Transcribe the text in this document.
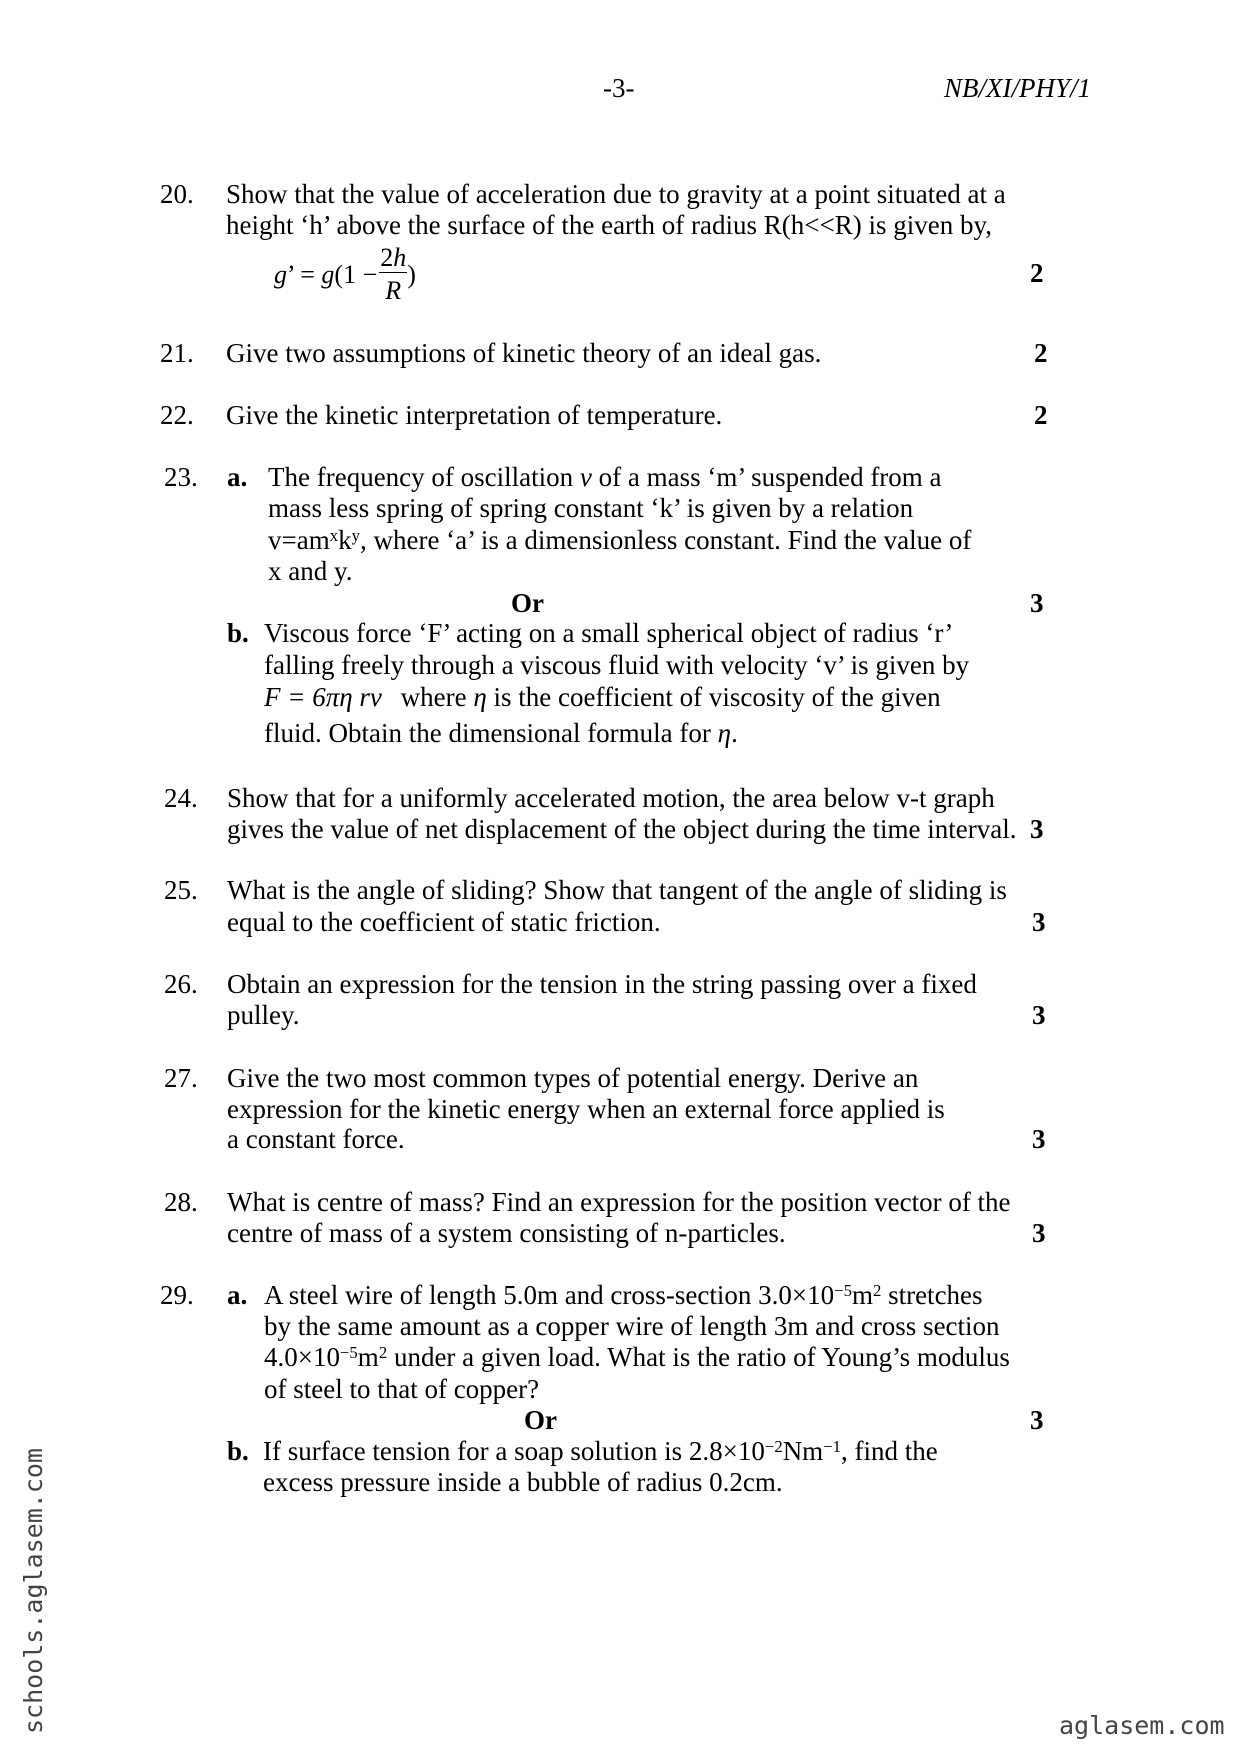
-3-	NB/XI/PHY/1
20. Show that the value of acceleration due to gravity at a point situated at a
height ‘h’ above the surface of the earth of radius R(h<<R) is given by,
g’ = $g(1 - \frac{2h}{R}$ )	2
21. Give two assumptions of kinetic theory of an ideal gas.	2
22. Give the kinetic interpretation of temperature.	2
23. a. The frequency of oscillation ν of a mass ‘m’ suspended from a
mass less spring of spring constant ‘k’ is given by a relation
$v=am^xk^y$, where ‘a’ is a dimensionless constant. Find the value of
x and y.
Or	3
b. Viscous force ‘F’ acting on a small spherical object of radius ‘r’
falling freely through a viscous fluid with velocity ‘v’ is given by
F = 6πη rv where η is the coefficient of viscosity of the given
fluid. Obtain the dimensional formula for η.
24. Show that for a uniformly accelerated motion, the area below v-t graph
gives the value of net displacement of the object during the time interval. 3
25. What is the angle of sliding? Show that tangent of the angle of sliding is
equal to the coefficient of static friction.	3
26. Obtain an expression for the tension in the string passing over a fixed
pulley.	3
27. Give the two most common types of potential energy. Derive an
expression for the kinetic energy when an external force applied is
a constant force.	3
28. What is centre of mass? Find an expression for the position vector of the
centre of mass of a system consisting of n-particles.	3
29. a. A steel wire of length 5.0m and cross-section $3.0\times 10^{-5}m^2$ stretches
by the same amount as a copper wire of length 3m and cross section
$4.0\times 10^{-5}m^2$ under a given load. What is the ratio of Young’s modulus
of steel to that of copper?
Or	3
b. If surface tension for a soap solution is $2.8\times 10^{-2}Nm^{-1}$, find the
excess pressure inside a bubble of radius 0.2cm.
schools.aglasem.com	aglasem.com
